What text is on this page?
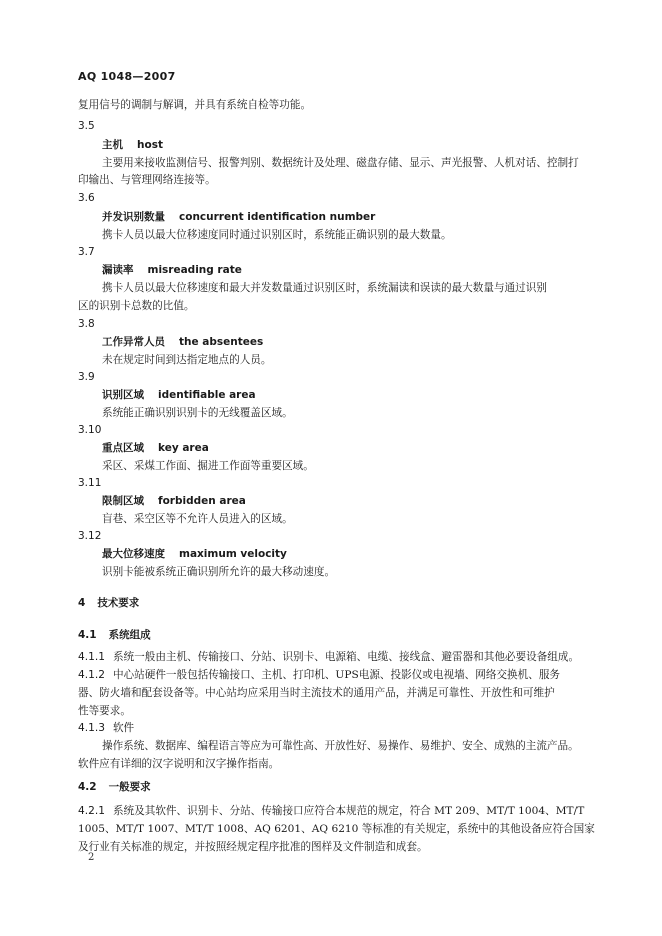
AQ 1048—2007
复用信号的调制与解调，并具有系统自检等功能。
3.5
主机 host
主要用来接收监测信号、报警判别、数据统计及处理、磁盘存储、显示、声光报警、人机对话、控制打
印输出、与管理网络连接等。
3.6
并发识别数量 concurrent identification number
携卡人员以最大位移速度同时通过识别区时，系统能正确识别的最大数量。
3.7
漏读率 misreading rate
携卡人员以最大位移速度和最大并发数量通过识别区时，系统漏读和误读的最大数量与通过识别
区的识别卡总数的比值。
3.8
工作异常人员 the absentees
未在规定时间到达指定地点的人员。
3.9
识别区域 identifiable area
系统能正确识别识别卡的无线覆盖区域。
3.10
重点区域 key area
采区、采煤工作面、掘进工作面等重要区域。
3.11
限制区域 forbidden area
盲巷、采空区等不允许人员进入的区域。
3.12
最大位移速度 maximum velocity
识别卡能被系统正确识别所允许的最大移动速度。
4 技术要求
4.1 系统组成
4.1.1 系统一般由主机、传输接口、分站、识别卡、电源箱、电缆、接线盒、避雷器和其他必要设备组成。
4.1.2 中心站硬件一般包括传输接口、主机、打印机、UPS电源、投影仪或电视墙、网络交换机、服务
器、防火墙和配套设备等。中心站均应采用当时主流技术的通用产品，并满足可靠性、开放性和可维护
性等要求。
4.1.3 软件
操作系统、数据库、编程语言等应为可靠性高、开放性好、易操作、易维护、安全、成熟的主流产品。
软件应有详细的汉字说明和汉字操作指南。
4.2 一般要求
4.2.1 系统及其软件、识别卡、分站、传输接口应符合本规范的规定，符合 MT 209、MT/T 1004、MT/T
1005、MT/T 1007、MT/T 1008、AQ 6201、AQ 6210 等标准的有关规定，系统中的其他设备应符合国家
及行业有关标准的规定，并按照经规定程序批准的图样及文件制造和成套。
2
